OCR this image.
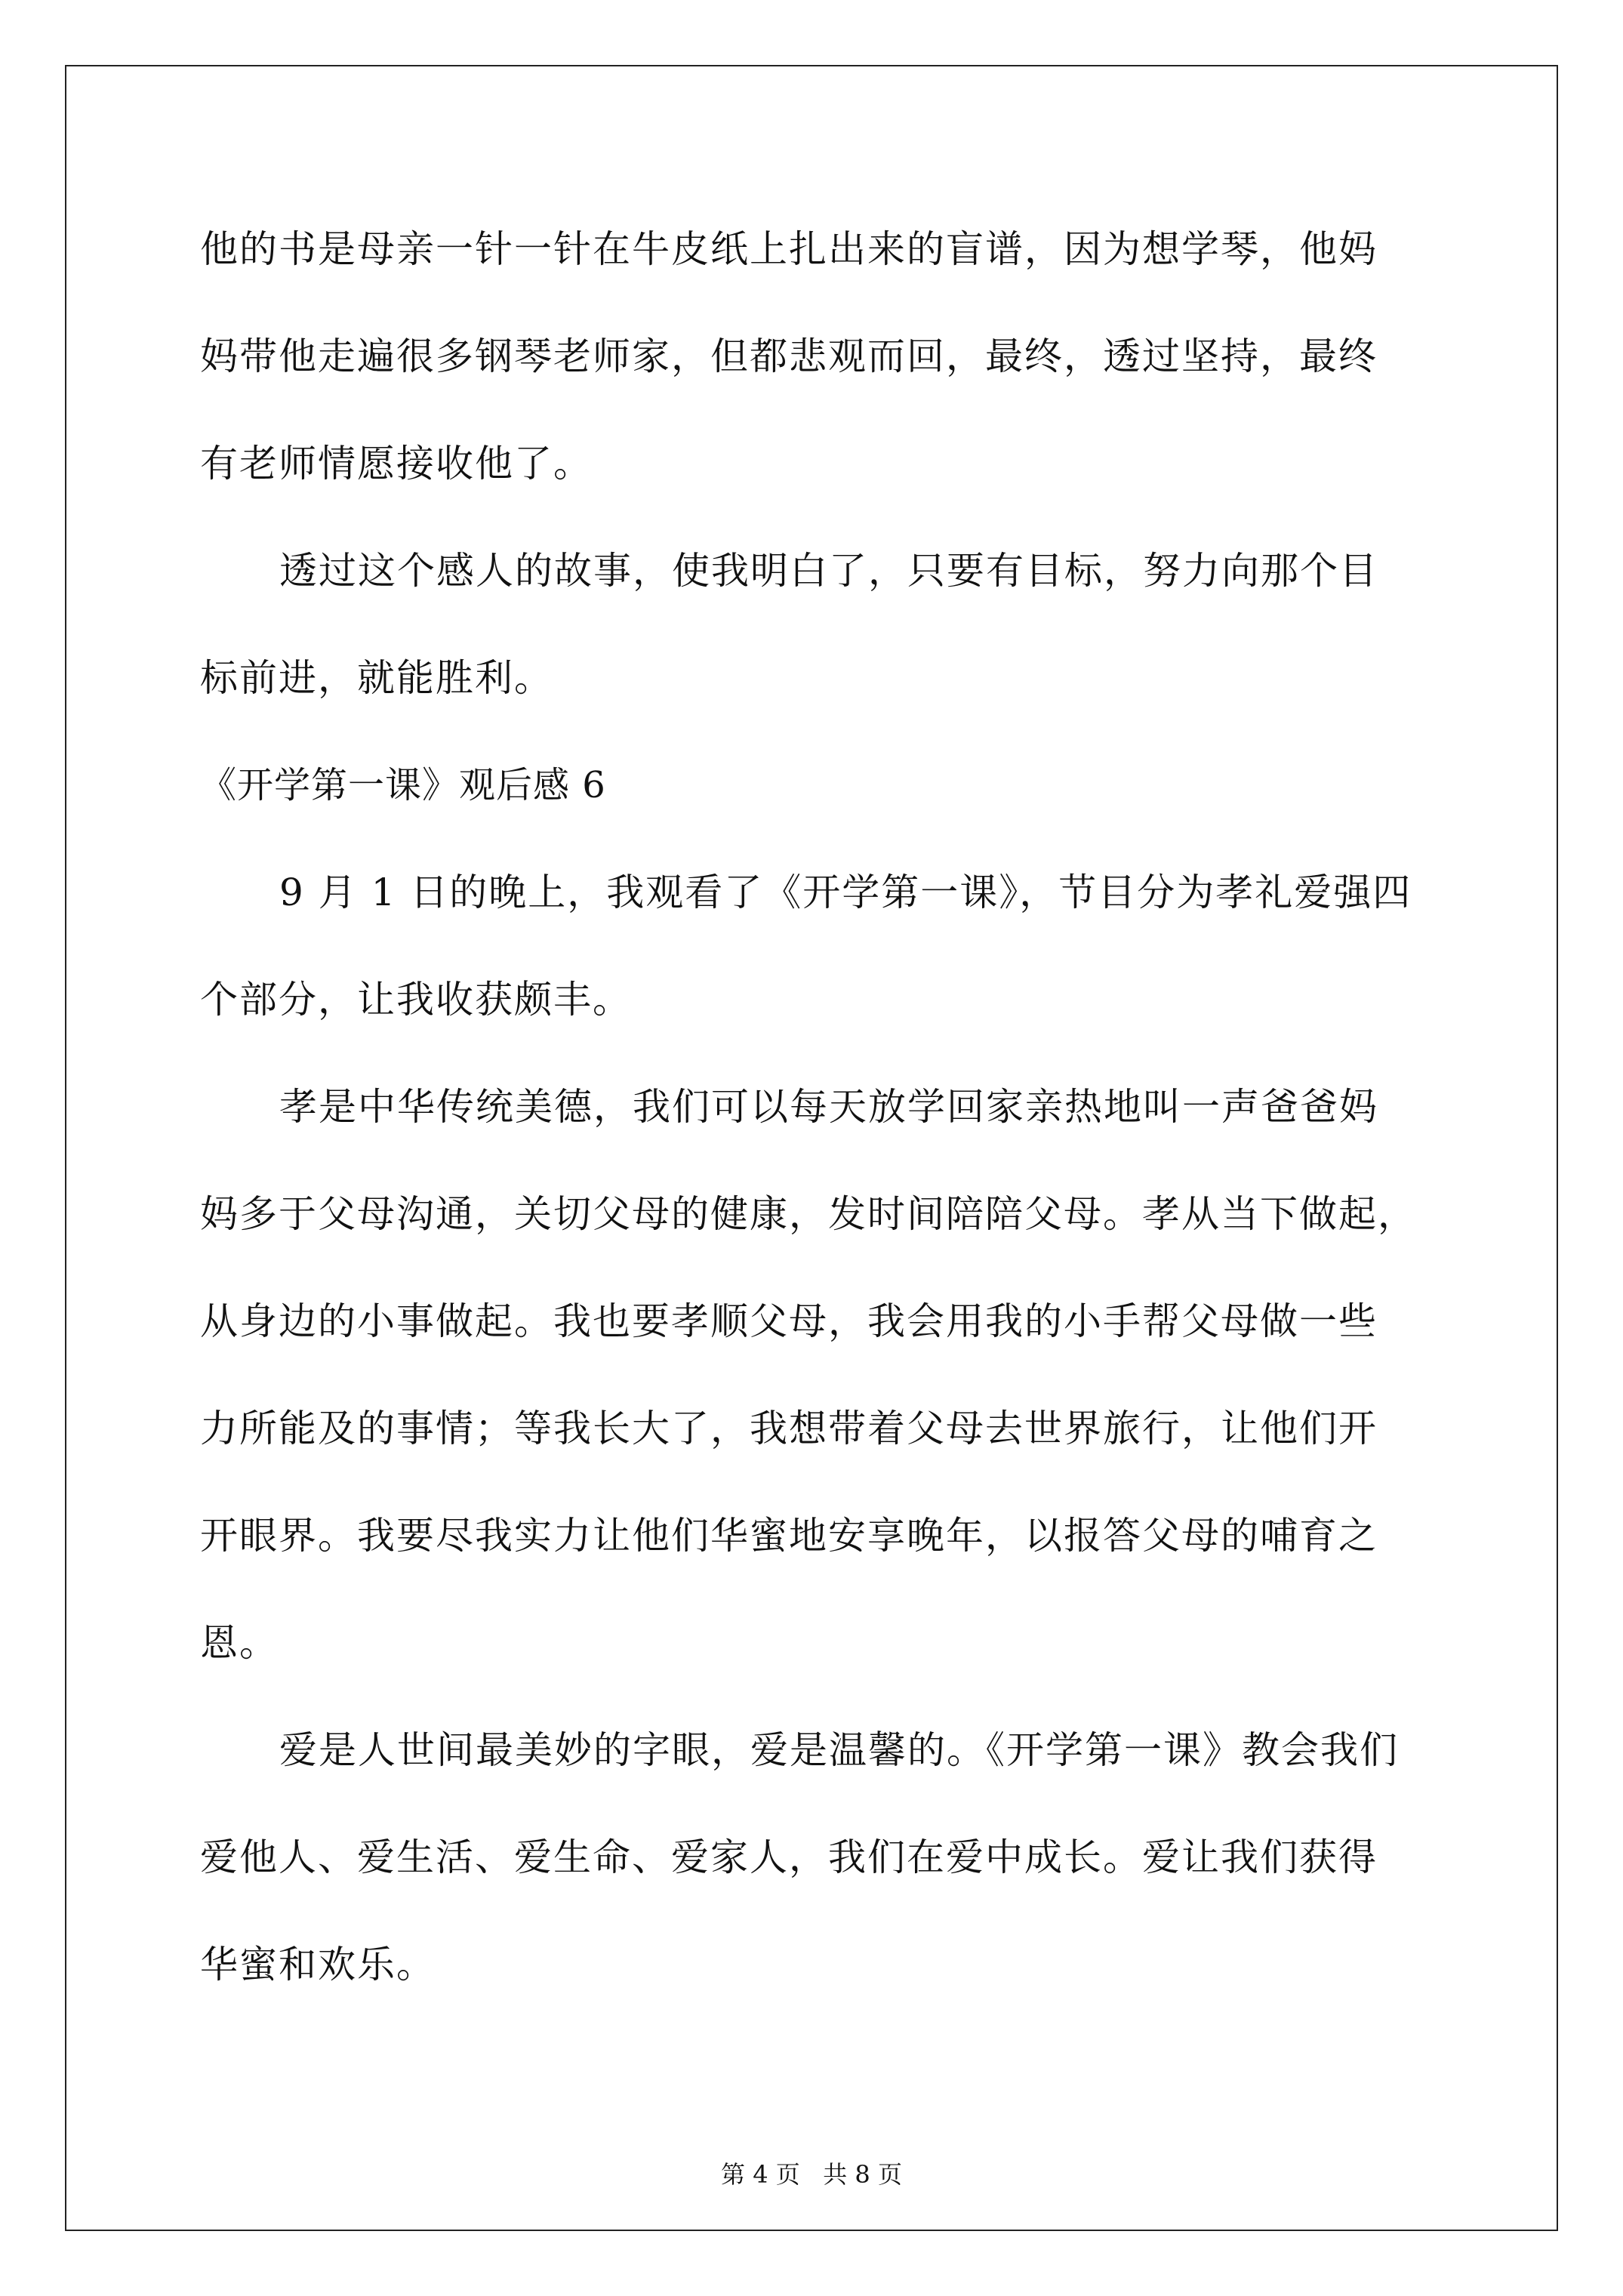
他的书是母亲一针一针在牛皮纸上扎出来的盲谱，因为想学琴，他妈
妈带他走遍很多钢琴老师家，但都悲观而回，最终，透过坚持，最终
有老师情愿接收他了。
透过这个感人的故事，使我明白了，只要有目标，努力向那个目
标前进，就能胜利。
《开学第一课》观后感 6
9 月 1 日的晚上，我观看了《开学第一课》，节目分为孝礼爱强四
个部分，让我收获颇丰。
孝是中华传统美德，我们可以每天放学回家亲热地叫一声爸爸妈
妈多于父母沟通，关切父母的健康，发时间陪陪父母。孝从当下做起，
从身边的小事做起。我也要孝顺父母，我会用我的小手帮父母做一些
力所能及的事情；等我长大了，我想带着父母去世界旅行，让他们开
开眼界。我要尽我实力让他们华蜜地安享晚年，以报答父母的哺育之
恩。
爱是人世间最美妙的字眼，爱是温馨的。《开学第一课》教会我们
爱他人、爱生活、爱生命、爱家人，我们在爱中成长。爱让我们获得
华蜜和欢乐。
第 4 页   共 8 页
